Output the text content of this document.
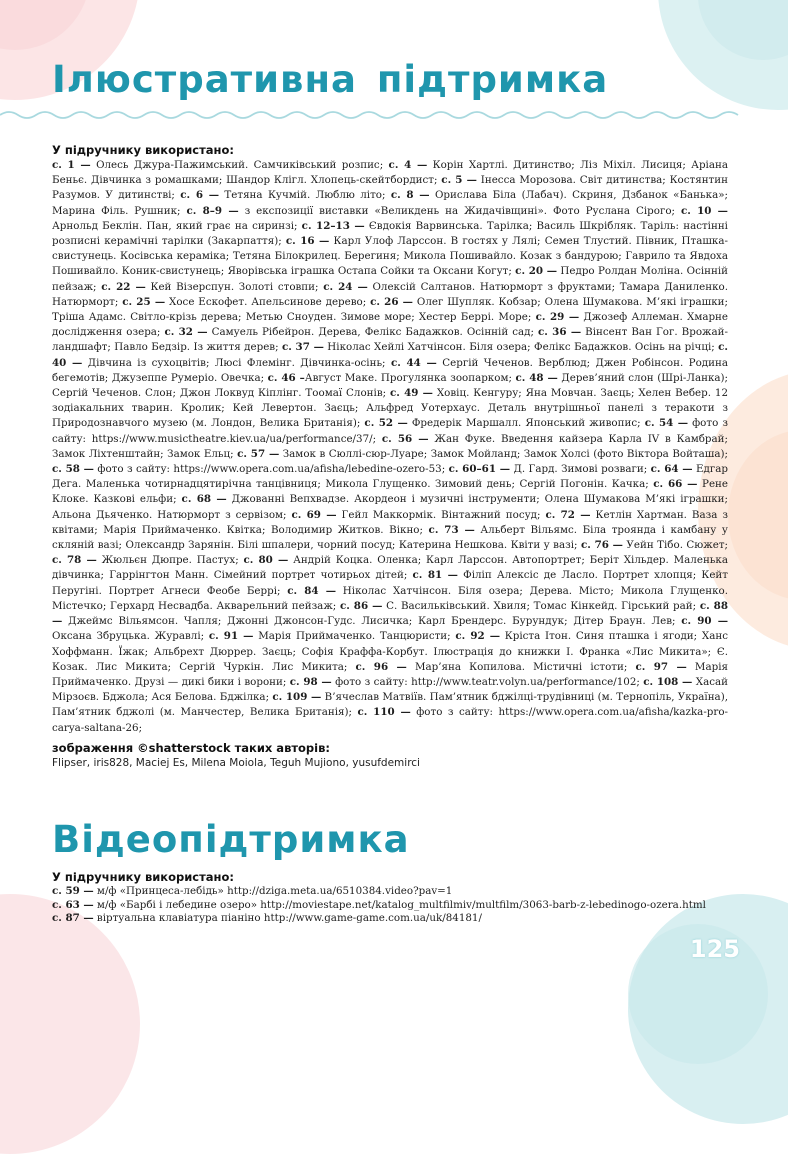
Ілюстративна підтримка
У підручнику використано:
с. 1 — Олесь Джура-Пажимський. Самчиківський розпис; с. 4 — Корін Хартлі. Дитинство; Ліз Міхіл. Лисиця; Аріана Беньє. Дівчинка з ромашками; Шандор Клігл. Хлопець-скейтбордист; с. 5 — Інесса Морозова. Світ дитинства; Костянтин Разумов. У дитинстві; с. 6 — Тетяна Кучмій. Люблю літо; с. 8 — Орислава Біла (Лабач). Скриня, Дзбанок «Банька»; Марина Філь. Рушник; с. 8–9 — з експозиції виставки «Великдень на Жидачівщині». Фото Руслана Сірого; с. 10 — Арнольд Беклін. Пан, який грає на сиринзі; с. 12–13 — Євдокія Варвинська. Тарілка; Василь Шкрібляк. Таріль: настінні розписні керамічні тарілки (Закарпаття); с. 16 — Карл Улоф Ларссон. В гостях у Лялі; Семен Тлустий. Півник, Пташка-свистунець. Косівська кераміка; Тетяна Білокрилец. Берегиня; Микола Пошивайло. Козак з бандурою; Гаврило та Явдоха Пошивайло. Коник-свистунець; Яворівська іграшка Остапа Сойки та Оксани Когут; с. 20 — Педро Ролдан Моліна. Осінній пейзаж; с. 22 — Кей Візерспун. Золоті стовпи; с. 24 — Олексій Салтанов. Натюрморт з фруктами; Тамара Даниленко. Натюрморт; с. 25 — Хосе Ескофет. Апельсинове дерево; с. 26 — Олег Шупляк. Кобзар; Олена Шумакова. М’які іграшки; Тріша Адамс. Світло-крізь дерева; Метью Сноуден. Зимове море; Хестер Беррі. Море; с. 29 — Джозеф Аллеман. Хмарне дослідження озера; с. 32 — Самуель Рібейрон. Дерева, Фелікс Бадажков. Осінній сад; с. 36 — Вінсент Ван Гог. Врожай-ландшафт; Павло Бедзір. Із життя дерев; с. 37 — Ніколас Хейлі Хатчінсон. Біля озера; Фелікс Бадажков. Осінь на річці; с. 40 — Дівчина із сухоцвітів; Люсі Флемінг. Дівчинка-осінь; с. 44 — Сергій Чеченов. Верблюд; Джен Робінсон. Родина бегемотів; Джузеппе Румеріо. Овечка; с. 46 –Август Маке. Прогулянка зоопарком; с. 48 — Дерев’яний слон (Шрі-Ланка); Сергій Чеченов. Слон; Джон Локвуд Кіплінг. Тоомаї Слонів; с. 49 — Ховіц. Кенгуру; Яна Мовчан. Заєць; Хелен Вебер. 12 зодіакальних тварин. Кролик; Кей Левертон. Заєць; Альфред Уотерхаус. Деталь внутрішньої панелі з теракоти з Природознавчого музею (м. Лондон, Велика Британія); с. 52 — Фредерік Маршалл. Японський живопис; с. 54 — фото з сайту: https://www.musictheatre.kiev.ua/ua/performance/37/; с. 56 — Жан Фуке. Введення кайзера Карла IV в Камбрай; Замок Ліхтенштайн; Замок Ельц; с. 57 — Замок в Сюллі-сюр-Луаре; Замок Мойланд; Замок Холсі (фото Віктора Войташа); с. 58 — фото з сайту: https://www.opera.com.ua/afisha/lebedine-ozero-53; с. 60–61 — Д. Гард. Зимові розваги; с. 64 — Едгар Дега. Маленька чотирнадцятирічна танцівниця; Микола Глущенко. Зимовий день; Сергій Погонін. Качка; с. 66 — Рене Клоке. Казкові ельфи; с. 68 — Джованні Вепхвадзе. Акордеон і музичні інструменти; Олена Шумакова М’які іграшки; Альона Дьяченко. Натюрморт з сервізом; с. 69 — Гейл Маккормік. Вінтажний посуд; с. 72 — Кетлін Хартман. Ваза з квітами; Марія Приймаченко. Квітка; Володимир Житков. Вікно; с. 73 — Альберт Вільямс. Біла троянда і камбану у скляній вазі; Олександр Зарянін. Білі шпалери, чорний посуд; Катерина Нешкова. Квіти у вазі; с. 76 — Уейн Тібо. Сюжет; с. 78 — Жюльєн Дюпре. Пастух; с. 80 — Андрій Коцка. Оленка; Карл Ларссон. Автопортрет; Беріт Хільдер. Маленька дівчинка; Гаррінгтон Манн. Сімейний портрет чотирьох дітей; с. 81 — Філіп Алексіс де Ласло. Портрет хлопця; Кейт Перугіні. Портрет Агнеси Феобе Беррі; с. 84 — Ніколас Хатчінсон. Біля озера; Дерева. Місто; Микола Глущенко. Містечко; Герхард Несвадба. Акварельний пейзаж; с. 86 — С. Васильківський. Хвиля; Томас Кінкейд. Гірський рай; с. 88 — Джеймс Вільямсон. Чапля; Джонні Джонсон-Гудс. Лисичка; Карл Брендерс. Бурундук; Дітер Браун. Лев; с. 90 — Оксана Збруцька. Журавлі; с. 91 — Марія Приймаченко. Танцюристи; с. 92 — Кріста Ітон. Синя пташка і ягоди; Ханс Хоффманн. Їжак; Альбрехт Дюррер. Заєць; Софія Краффа-Корбут. Ілюстрація до книжки І. Франка «Лис Микита»; Є. Козак. Лис Микита; Сергій Чуркін. Лис Микита; с. 96 — Мар’яна Копилова. Містичні істоти; с. 97 — Марія Приймаченко. Друзі — дикі бики і ворони; с. 98 — фото з сайту: http://www.teatr.volyn.ua/performance/102; с. 108 — Хасай Мірзоєв. Бджола; Ася Белова. Бджілка; с. 109 — В’ячеслав Матвіїв. Пам’ятник бджілці-трудівниці (м. Тернопіль, Україна), Пам’ятник бджолі (м. Манчестер, Велика Британія); с. 110 — фото з сайту: https://www.opera.com.ua/afisha/kazka-pro-carya-saltana-26;
зображення ©shatterstock таких авторів:
Flipser, iris828, Maciej Es, Milena Moiola, Teguh Mujiono, yusufdemirci
Відеопідтримка
У підручнику використано:
с. 59 — м/ф «Принцеса-лебідь» http://dziga.meta.ua/6510384.video?pav=1
с. 63 — м/ф «Барбі і лебедине озеро» http://moviestape.net/katalog_multfilmiv/multfilm/3063-barb-z-lebedinogo-ozera.html
с. 87 — віртуальна клавіатура піаніно http://www.game-game.com.ua/uk/84181/
125
